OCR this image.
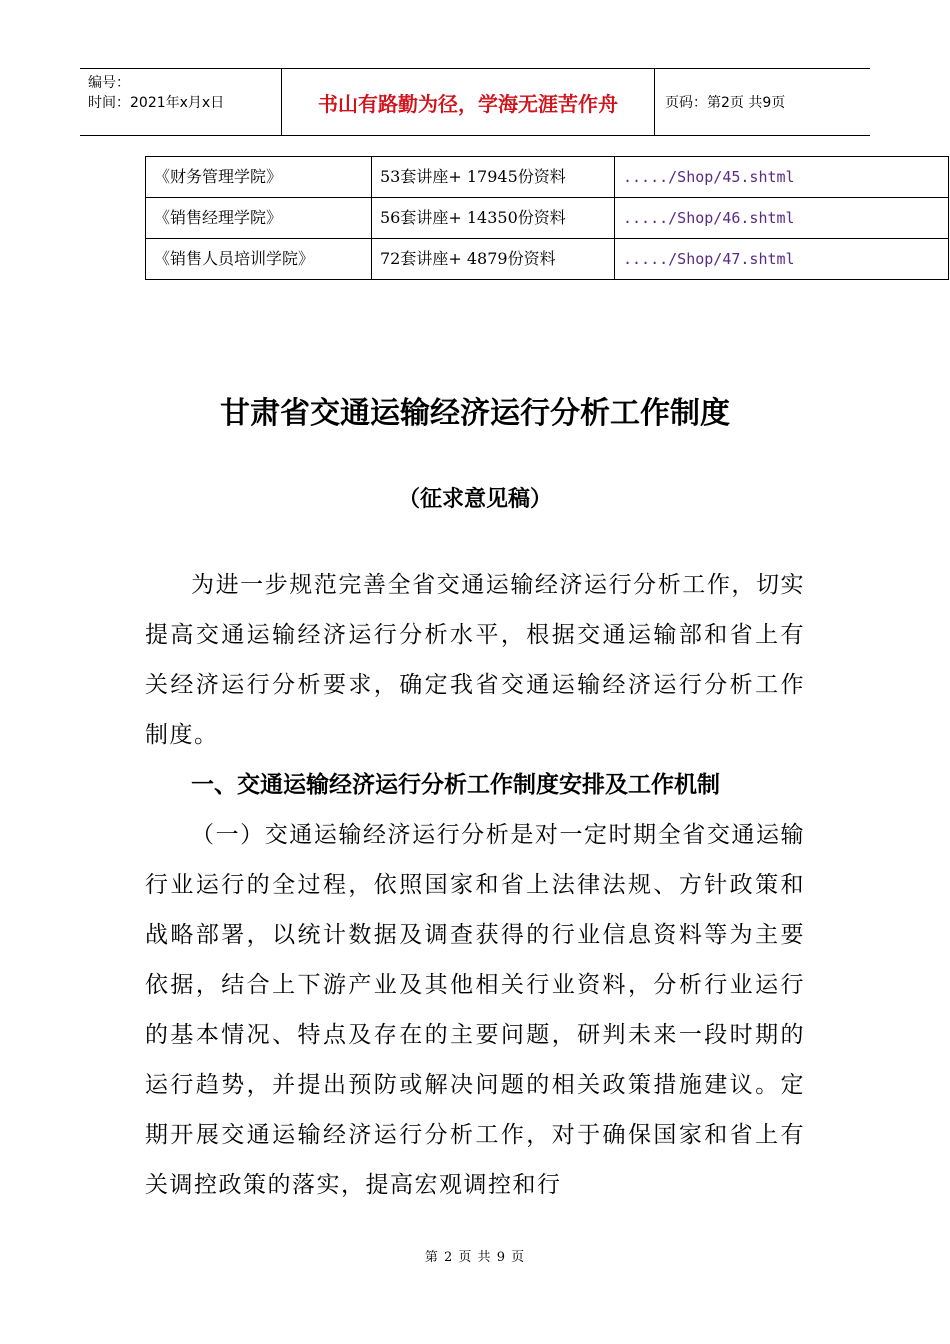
编号：
时间：2021年x月x日	书山有路勤为径，学海无涯苦作舟	页码：第2页 共9页
《财务管理学院》	53套讲座+ 17945份资料	...../Shop/45.shtml
《销售经理学院》	56套讲座+ 14350份资料	...../Shop/46.shtml
《销售人员培训学院》	72套讲座+ 4879份资料	...../Shop/47.shtml
甘肃省交通运输经济运行分析工作制度
（征求意见稿）

为进一步规范完善全省交通运输经济运行分析工作，切实提高交通运输经济运行分析水平，根据交通运输部和省上有关经济运行分析要求，确定我省交通运输经济运行分析工作制度。

一、交通运输经济运行分析工作制度安排及工作机制

（一）交通运输经济运行分析是对一定时期全省交通运输行业运行的全过程，依照国家和省上法律法规、方针政策和战略部署，以统计数据及调查获得的行业信息资料等为主要依据，结合上下游产业及其他相关行业资料，分析行业运行的基本情况、特点及存在的主要问题，研判未来一段时期的运行趋势，并提出预防或解决问题的相关政策措施建议。定期开展交通运输经济运行分析工作，对于确保国家和省上有关调控政策的落实，提高宏观调控和行

第 2 页 共 9 页
